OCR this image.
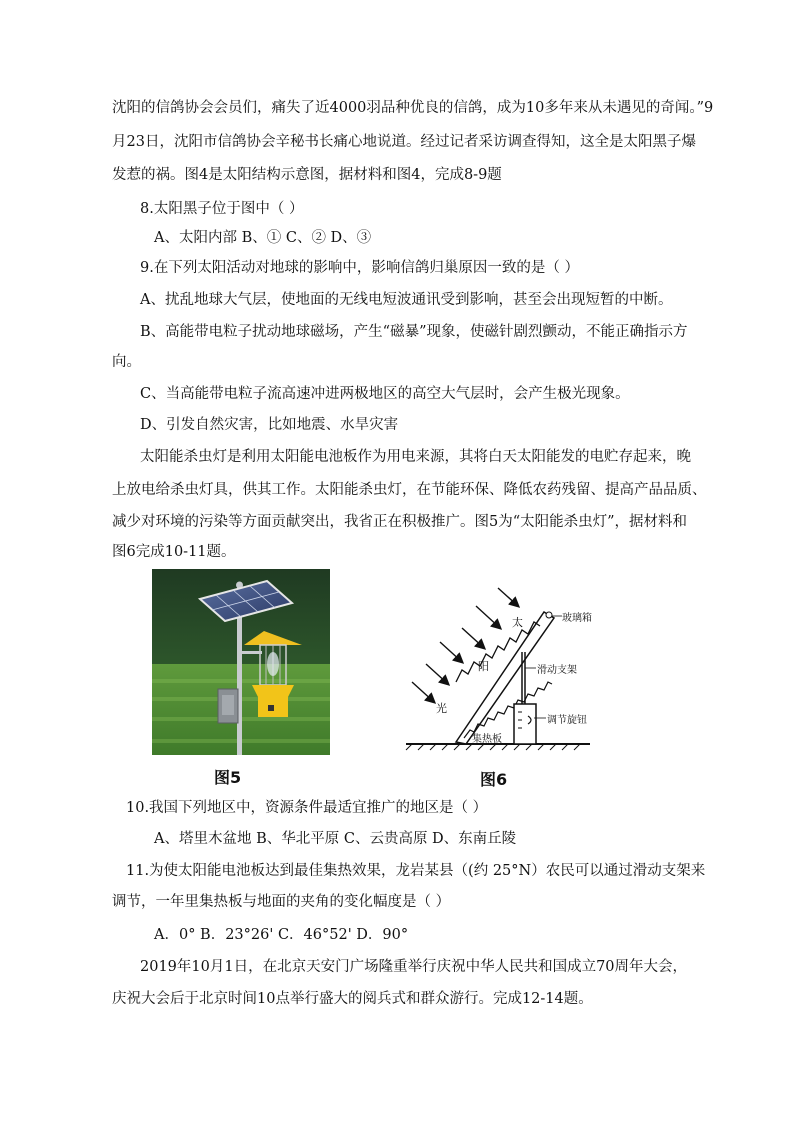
沈阳的信鸽协会会员们，痛失了近4000羽品种优良的信鸽，成为10多年来从未遇见的奇闻。”9
月23日，沈阳市信鸽协会辛秘书长痛心地说道。经过记者采访调查得知，这全是太阳黑子爆
发惹的祸。图4是太阳结构示意图，据材料和图4，完成8-9题
8.太阳黑子位于图中（ ）
A、太阳内部 B、① C、② D、③
9.在下列太阳活动对地球的影响中，影响信鸽归巢原因一致的是（ ）
A、扰乱地球大气层，使地面的无线电短波通讯受到影响，甚至会出现短暂的中断。
B、高能带电粒子扰动地球磁场，产生“磁暴”现象，使磁针剧烈颤动，不能正确指示方
向。
C、当高能带电粒子流高速冲进两极地区的高空大气层时，会产生极光现象。
D、引发自然灾害，比如地震、水旱灾害
太阳能杀虫灯是利用太阳能电池板作为用电来源，其将白天太阳能发的电贮存起来，晚
上放电给杀虫灯具，供其工作。太阳能杀虫灯，在节能环保、降低农药残留、提高产品品质、
减少对环境的污染等方面贡献突出，我省正在积极推广。图5为“太阳能杀虫灯”，据材料和
图6完成10-11题。
图5
玻璃箱
滑动支架
调节旋钮
集热板
太
阳
光
图6
10.我国下列地区中，资源条件最适宜推广的地区是（ ）
A、塔里木盆地 B、华北平原 C、云贵高原 D、东南丘陵
11.为使太阳能电池板达到最佳集热效果，龙岩某县（(约 25°N）农民可以通过滑动支架来
调节，一年里集热板与地面的夹角的变化幅度是（ ）
A．0° B．23°26' C．46°52' D．90°
2019年10月1日，在北京天安门广场隆重举行庆祝中华人民共和国成立70周年大会，
庆祝大会后于北京时间10点举行盛大的阅兵式和群众游行。完成12-14题。
